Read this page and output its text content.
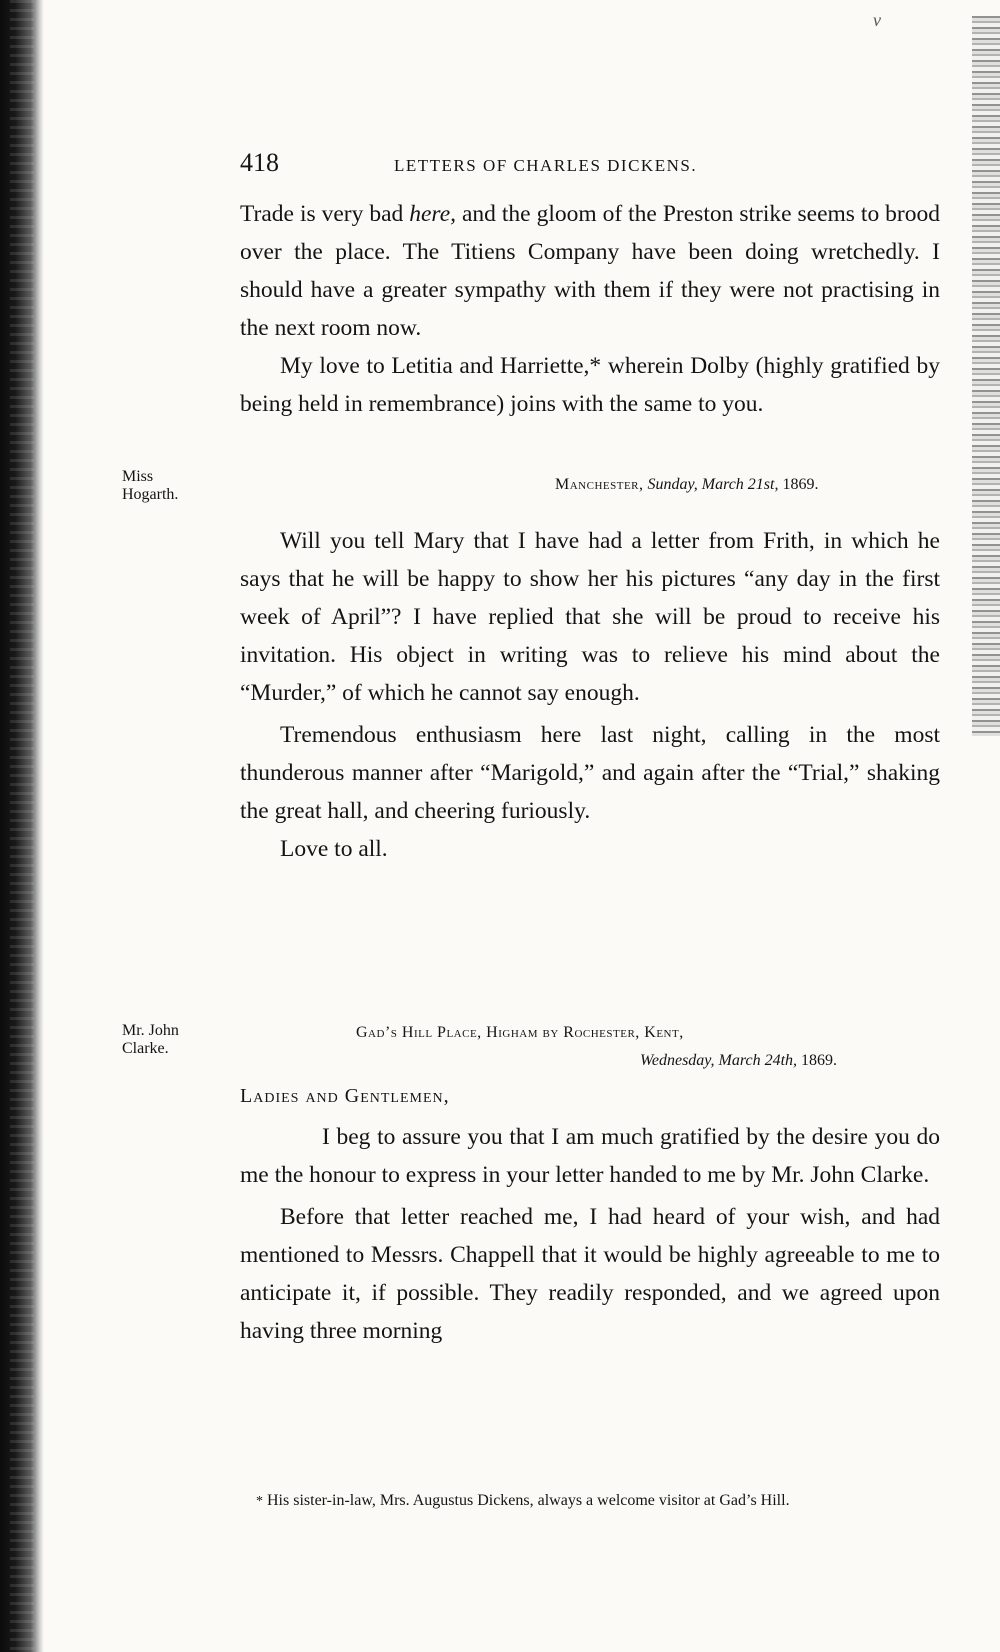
v
418	LETTERS OF CHARLES DICKENS.

Trade is very bad here, and the gloom of the Preston strike seems to brood over the place. The Titiens Company have been doing wretchedly. I should have a greater sympathy with them if they were not practising in the next room now.

My love to Letitia and Harriette,* wherein Dolby (highly gratified by being held in remembrance) joins with the same to you.

Miss Hogarth.
Manchester, Sunday, March 21st, 1869.

Will you tell Mary that I have had a letter from Frith, in which he says that he will be happy to show her his pictures “any day in the first week of April”? I have replied that she will be proud to receive his invitation. His object in writing was to relieve his mind about the “Murder,” of which he cannot say enough.

Tremendous enthusiasm here last night, calling in the most thunderous manner after “Marigold,” and again after the “Trial,” shaking the great hall, and cheering furiously.

Love to all.

Mr. John Clarke.
Gad’s Hill Place, Higham by Rochester, Kent,
Wednesday, March 24th, 1869.
Ladies and Gentlemen,

I beg to assure you that I am much gratified by the desire you do me the honour to express in your letter handed to me by Mr. John Clarke.

Before that letter reached me, I had heard of your wish, and had mentioned to Messrs. Chappell that it would be highly agreeable to me to anticipate it, if possible. They readily responded, and we agreed upon having three morning

* His sister-in-law, Mrs. Augustus Dickens, always a welcome visitor at Gad’s Hill.
